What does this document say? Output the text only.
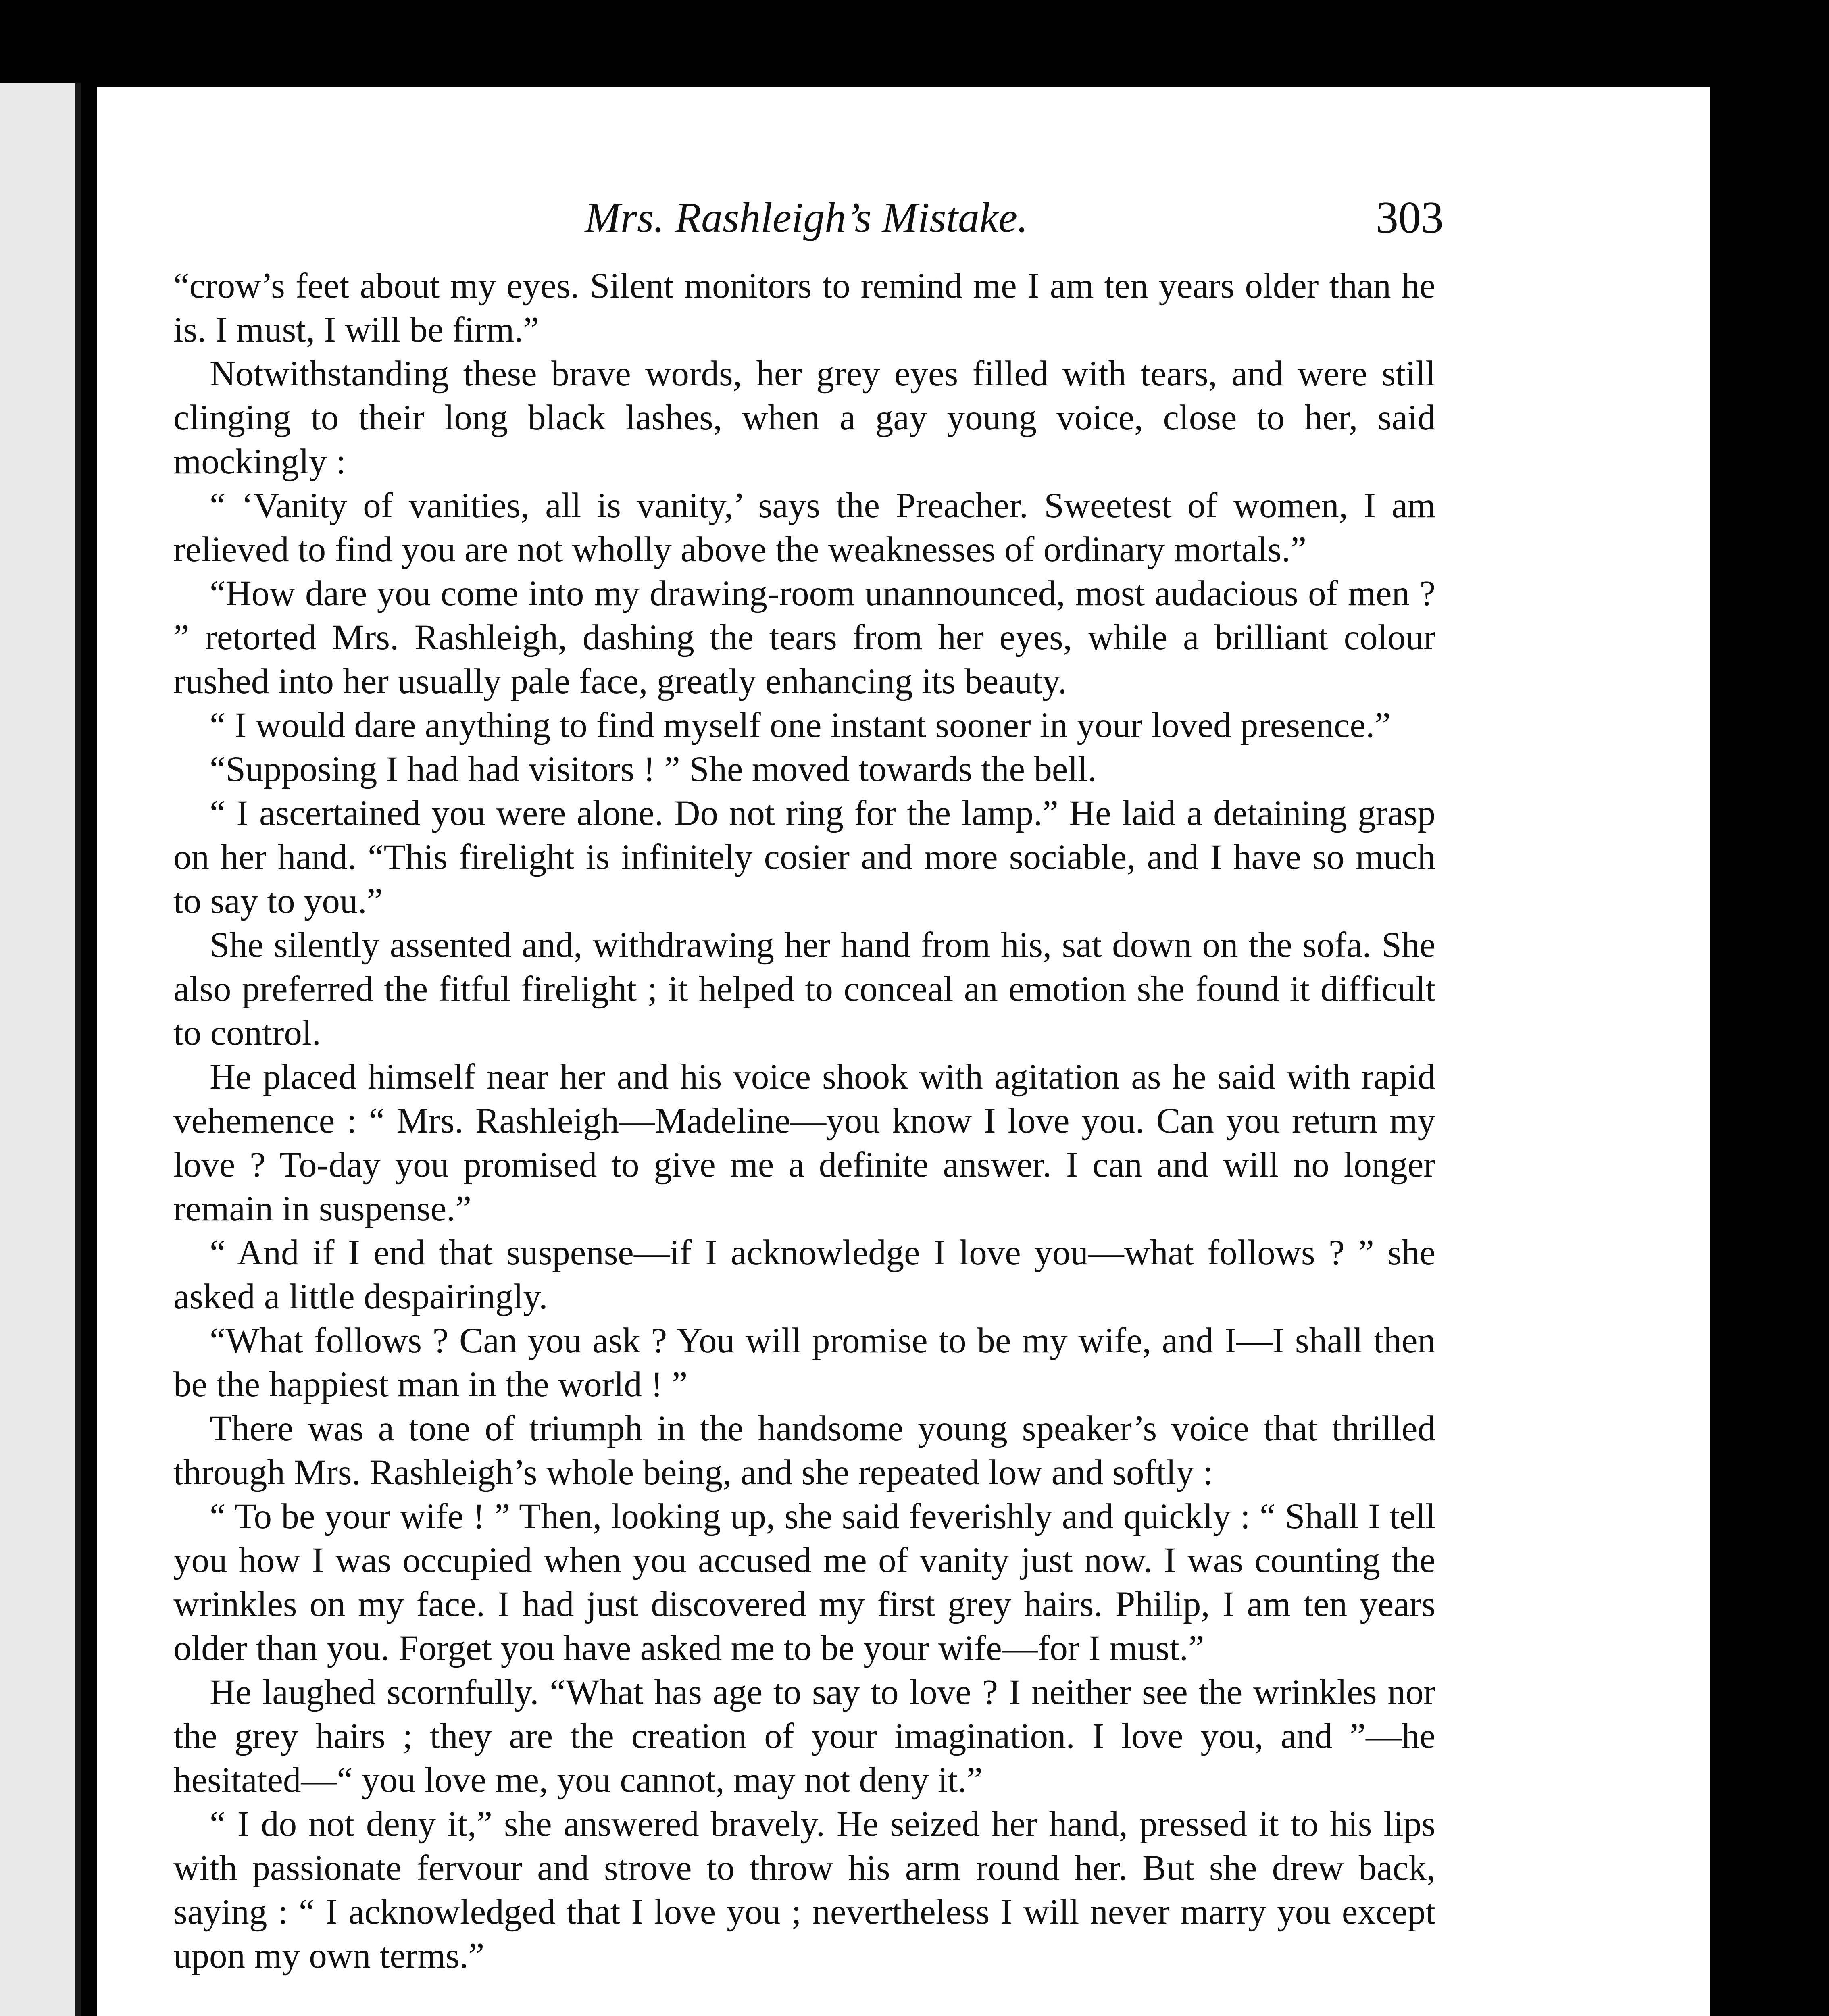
Mrs. Rashleigh’s Mistake.	303

“crow’s feet about my eyes. Silent monitors to remind me I am ten years older than he is. I must, I will be firm.”

Notwithstanding these brave words, her grey eyes filled with tears, and were still clinging to their long black lashes, when a gay young voice, close to her, said mockingly :

“ ‘Vanity of vanities, all is vanity,’ says the Preacher. Sweetest of women, I am relieved to find you are not wholly above the weaknesses of ordinary mortals.”

“How dare you come into my drawing-room unannounced, most audacious of men ? ” retorted Mrs. Rashleigh, dashing the tears from her eyes, while a brilliant colour rushed into her usually pale face, greatly enhancing its beauty.

“ I would dare anything to find myself one instant sooner in your loved presence.”

“Supposing I had had visitors ! ” She moved towards the bell.

“ I ascertained you were alone. Do not ring for the lamp.” He laid a detaining grasp on her hand. “This firelight is infinitely cosier and more sociable, and I have so much to say to you.”

She silently assented and, withdrawing her hand from his, sat down on the sofa. She also preferred the fitful firelight ; it helped to conceal an emotion she found it difficult to control.

He placed himself near her and his voice shook with agitation as he said with rapid vehemence : “ Mrs. Rashleigh—Madeline—you know I love you. Can you return my love ? To-day you promised to give me a definite answer. I can and will no longer remain in suspense.”

“ And if I end that suspense—if I acknowledge I love you—what follows ? ” she asked a little despairingly.

“What follows ? Can you ask ? You will promise to be my wife, and I—I shall then be the happiest man in the world ! ”

There was a tone of triumph in the handsome young speaker’s voice that thrilled through Mrs. Rashleigh’s whole being, and she repeated low and softly :

“ To be your wife ! ” Then, looking up, she said feverishly and quickly : “ Shall I tell you how I was occupied when you accused me of vanity just now. I was counting the wrinkles on my face. I had just discovered my first grey hairs. Philip, I am ten years older than you. Forget you have asked me to be your wife—for I must.”

He laughed scornfully. “What has age to say to love ? I neither see the wrinkles nor the grey hairs ; they are the creation of your imagination. I love you, and ”—he hesitated—“ you love me, you cannot, may not deny it.”

“ I do not deny it,” she answered bravely. He seized her hand, pressed it to his lips with passionate fervour and strove to throw his arm round her. But she drew back, saying : “ I acknowledged that I love you ; nevertheless I will never marry you except upon my own terms.”
